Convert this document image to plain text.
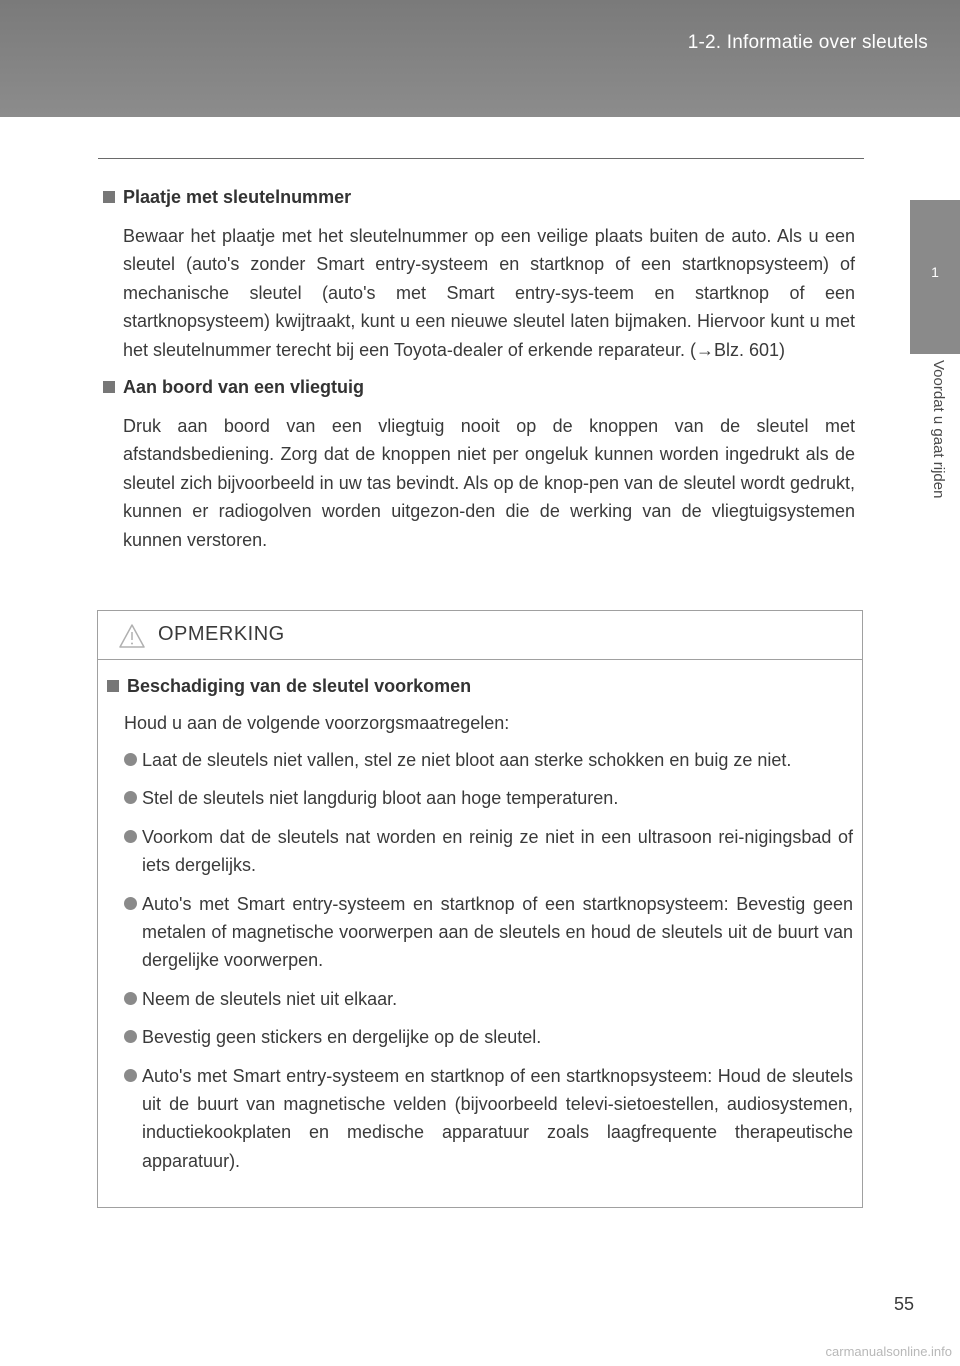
1-2. Informatie over sleutels
1
Voordat u gaat rijden
Plaatje met sleutelnummer

Bewaar het plaatje met het sleutelnummer op een veilige plaats buiten de auto. Als u een sleutel (auto's zonder Smart entry-systeem en startknop of een startknopsysteem) of mechanische sleutel (auto's met Smart entry-sys-teem en startknop of een startknopsysteem) kwijtraakt, kunt u een nieuwe sleutel laten bijmaken. Hiervoor kunt u met het sleutelnummer terecht bij een Toyota-dealer of erkende reparateur. (→Blz. 601)

Aan boord van een vliegtuig

Druk aan boord van een vliegtuig nooit op de knoppen van de sleutel met afstandsbediening. Zorg dat de knoppen niet per ongeluk kunnen worden ingedrukt als de sleutel zich bijvoorbeeld in uw tas bevindt. Als op de knop-pen van de sleutel wordt gedrukt, kunnen er radiogolven worden uitgezon-den die de werking van de vliegtuigsystemen kunnen verstoren.

OPMERKING
Beschadiging van de sleutel voorkomen
Houd u aan de volgende voorzorgsmaatregelen:
Laat de sleutels niet vallen, stel ze niet bloot aan sterke schokken en buig ze niet.
Stel de sleutels niet langdurig bloot aan hoge temperaturen.
Voorkom dat de sleutels nat worden en reinig ze niet in een ultrasoon rei-nigingsbad of iets dergelijks.
Auto's met Smart entry-systeem en startknop of een startknopsysteem: Bevestig geen metalen of magnetische voorwerpen aan de sleutels en houd de sleutels uit de buurt van dergelijke voorwerpen.
Neem de sleutels niet uit elkaar.
Bevestig geen stickers en dergelijke op de sleutel.
Auto's met Smart entry-systeem en startknop of een startknopsysteem: Houd de sleutels uit de buurt van magnetische velden (bijvoorbeeld televi-sietoestellen, audiosystemen, inductiekookplaten en medische apparatuur zoals laagfrequente therapeutische apparatuur).
55
carmanualsonline.info
